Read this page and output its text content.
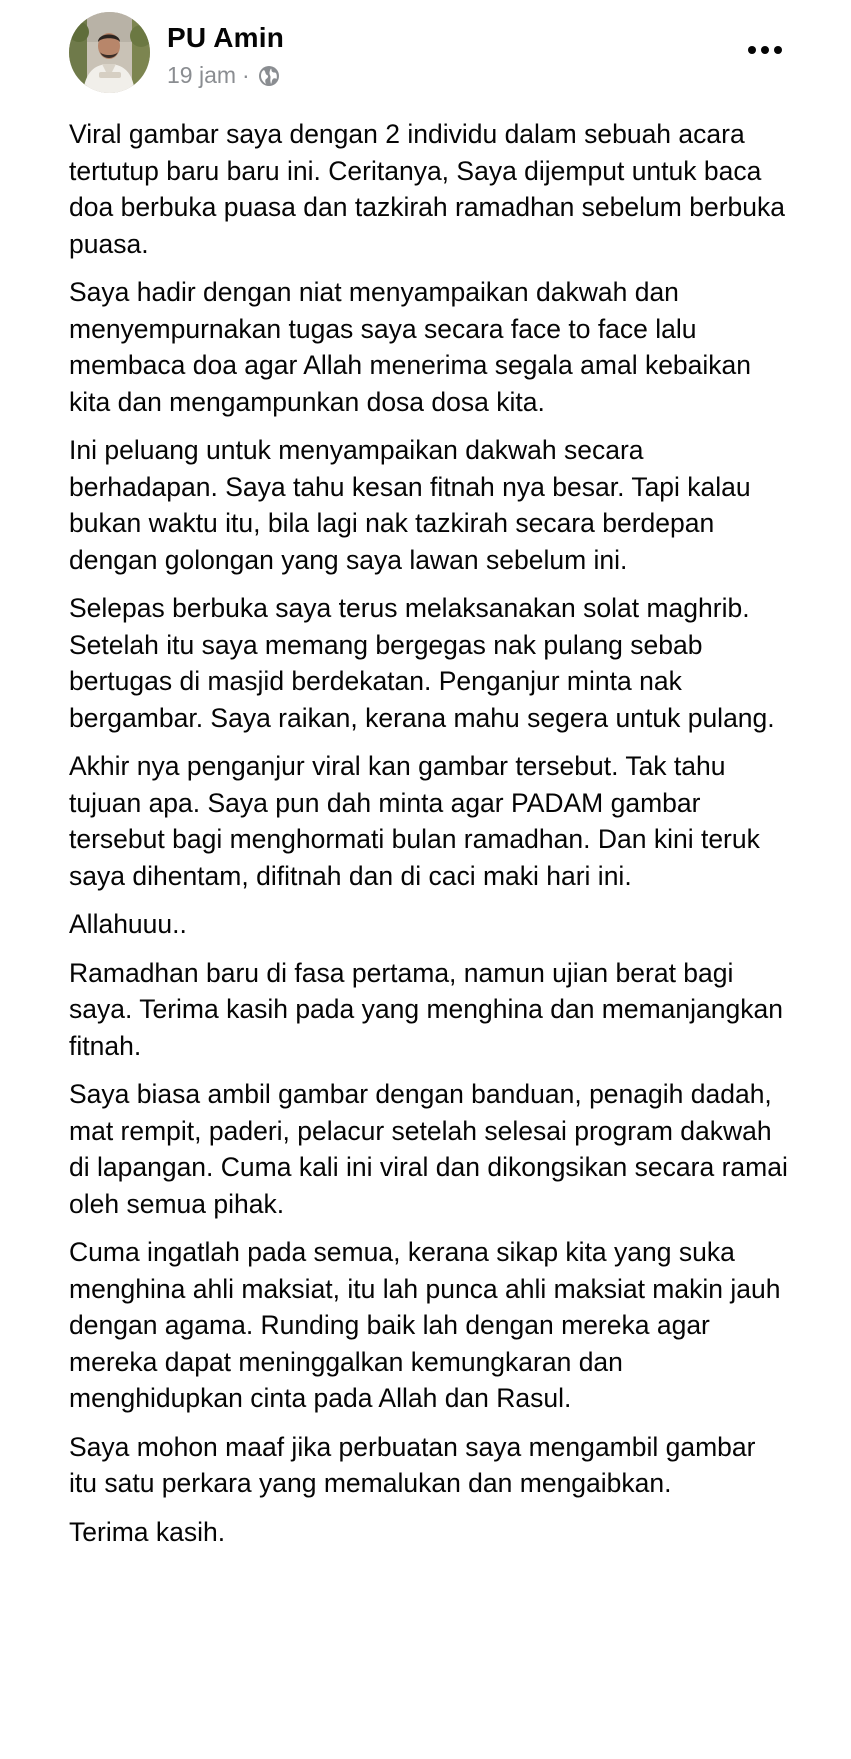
PU Amin
19 jam ·

Viral gambar saya dengan 2 individu dalam sebuah acara tertutup baru baru ini. Ceritanya, Saya dijemput untuk baca doa berbuka puasa dan tazkirah ramadhan sebelum berbuka puasa.

Saya hadir dengan niat menyampaikan dakwah dan menyempurnakan tugas saya secara face to face lalu membaca doa agar Allah menerima segala amal kebaikan kita dan mengampunkan dosa dosa kita.

Ini peluang untuk menyampaikan dakwah secara berhadapan. Saya tahu kesan fitnah nya besar. Tapi kalau bukan waktu itu, bila lagi nak tazkirah secara berdepan dengan golongan yang saya lawan sebelum ini.

Selepas berbuka saya terus melaksanakan solat maghrib. Setelah itu saya memang bergegas nak pulang sebab bertugas di masjid berdekatan. Penganjur minta nak bergambar. Saya raikan, kerana mahu segera untuk pulang.

Akhir nya penganjur viral kan gambar tersebut. Tak tahu tujuan apa. Saya pun dah minta agar PADAM gambar tersebut bagi menghormati bulan ramadhan. Dan kini teruk saya dihentam, difitnah dan di caci maki hari ini.

Allahuuu..

Ramadhan baru di fasa pertama, namun ujian berat bagi saya. Terima kasih pada yang menghina dan memanjangkan fitnah.

Saya biasa ambil gambar dengan banduan, penagih dadah, mat rempit, paderi, pelacur setelah selesai program dakwah di lapangan. Cuma kali ini viral dan dikongsikan secara ramai oleh semua pihak.

Cuma ingatlah pada semua, kerana sikap kita yang suka menghina ahli maksiat, itu lah punca ahli maksiat makin jauh dengan agama. Runding baik lah dengan mereka agar mereka dapat meninggalkan kemungkaran dan menghidupkan cinta pada Allah dan Rasul.

Saya mohon maaf jika perbuatan saya mengambil gambar itu satu perkara yang memalukan dan mengaibkan.

Terima kasih.
